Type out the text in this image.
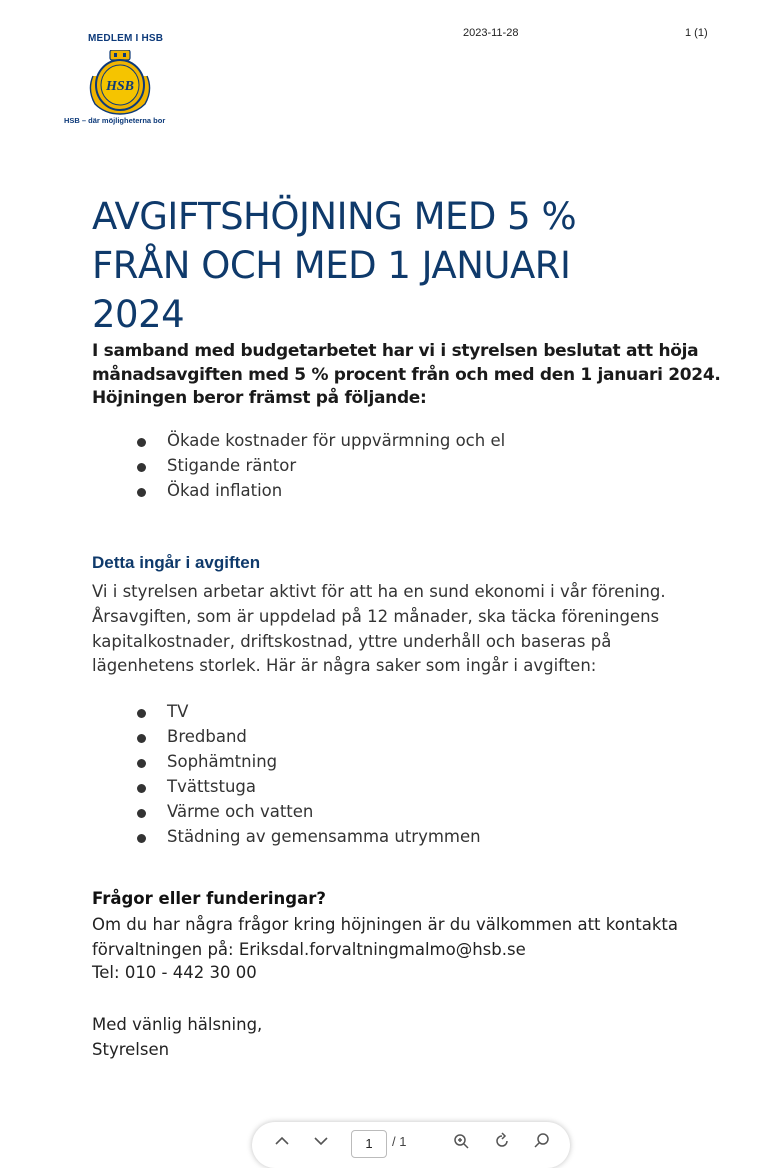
MEDLEM I HSB
HSB
HSB – där möjligheterna bor
2023-11-28	1 (1)
AVGIFTSHÖJNING MED 5 %
FRÅN OCH MED 1 JANUARI
2024
I samband med budgetarbetet har vi i styrelsen beslutat att höja
månadsavgiften med 5 % procent från och med den 1 januari 2024.
Höjningen beror främst på följande:
Ökade kostnader för uppvärmning och el
Stigande räntor
Ökad inflation
Detta ingår i avgiften
Vi i styrelsen arbetar aktivt för att ha en sund ekonomi i vår förening.
Årsavgiften, som är uppdelad på 12 månader, ska täcka föreningens
kapitalkostnader, driftskostnad, yttre underhåll och baseras på
lägenhetens storlek. Här är några saker som ingår i avgiften:
TV
Bredband
Sophämtning
Tvättstuga
Värme och vatten
Städning av gemensamma utrymmen
Frågor eller funderingar?
Om du har några frågor kring höjningen är du välkommen att kontakta
förvaltningen på: Eriksdal.forvaltningmalmo@hsb.se
Tel: 010 - 442 30 00
Med vänlig hälsning,
Styrelsen
1	/ 1
